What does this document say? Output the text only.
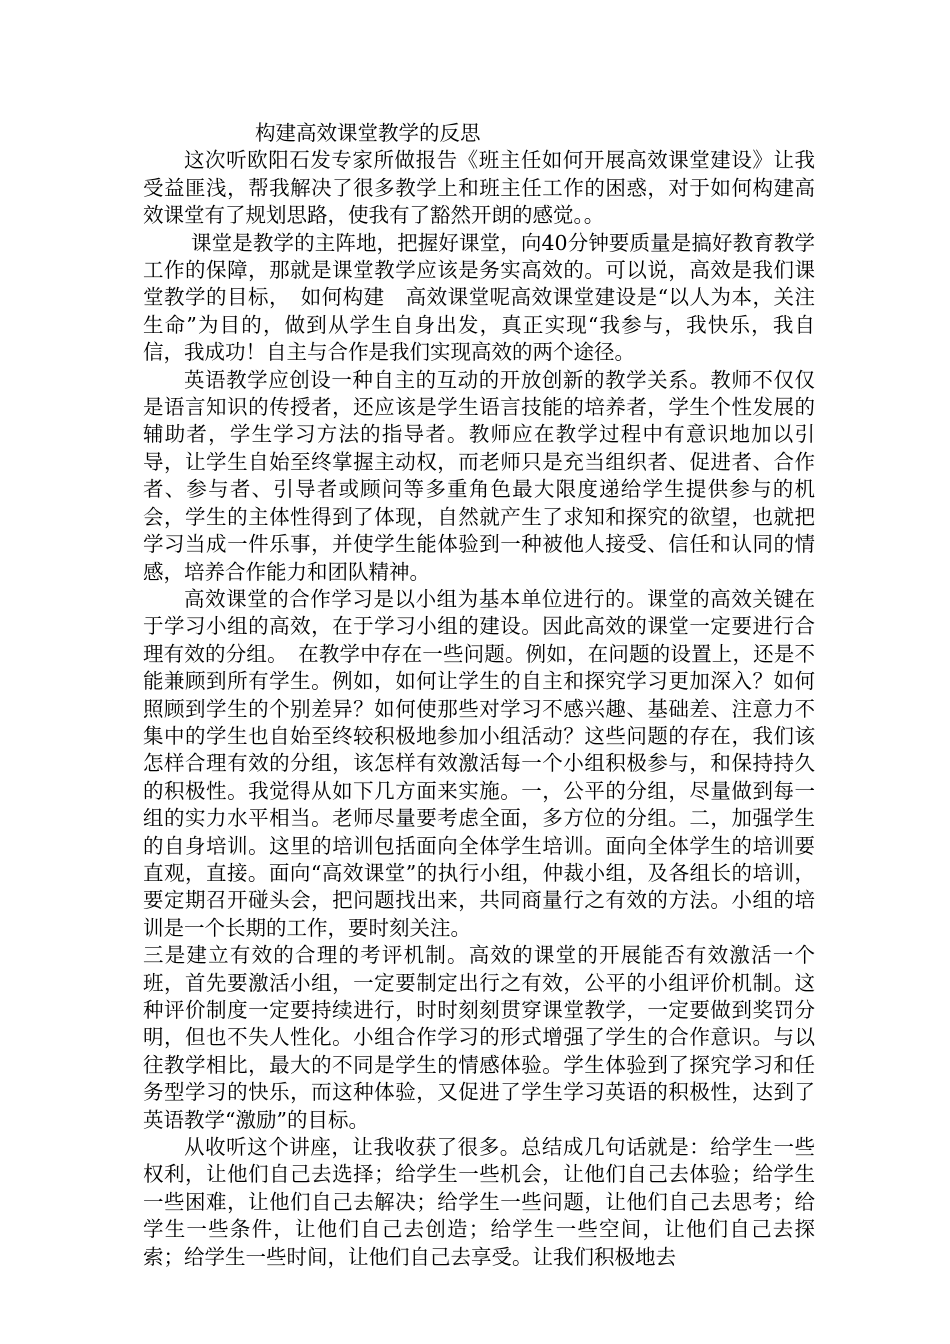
构建高效课堂教学的反思

这次听欧阳石发专家所做报告《班主任如何开展高效课堂建设》让我受益匪浅，帮我解决了很多教学上和班主任工作的困惑，对于如何构建高效课堂有了规划思路，使我有了豁然开朗的感觉。。

课堂是教学的主阵地，把握好课堂，向40分钟要质量是搞好教育教学工作的保障，那就是课堂教学应该是务实高效的。可以说，高效是我们课堂教学的目标，　如何构建　高效课堂呢高效课堂建设是“以人为本，关注生命”为目的，做到从学生自身出发，真正实现“我参与，我快乐，我自信，我成功！自主与合作是我们实现高效的两个途径。

英语教学应创设一种自主的互动的开放创新的教学关系。教师不仅仅是语言知识的传授者，还应该是学生语言技能的培养者，学生个性发展的辅助者，学生学习方法的指导者。教师应在教学过程中有意识地加以引导，让学生自始至终掌握主动权，而老师只是充当组织者、促进者、合作者、参与者、引导者或顾问等多重角色最大限度递给学生提供参与的机会，学生的主体性得到了体现，自然就产生了求知和探究的欲望，也就把学习当成一件乐事，并使学生能体验到一种被他人接受、信任和认同的情感，培养合作能力和团队精神。

高效课堂的合作学习是以小组为基本单位进行的。课堂的高效关键在于学习小组的高效，在于学习小组的建设。因此高效的课堂一定要进行合理有效的分组。　在教学中存在一些问题。例如，在问题的设置上，还是不能兼顾到所有学生。例如，如何让学生的自主和探究学习更加深入？如何照顾到学生的个别差异？如何使那些对学习不感兴趣、基础差、注意力不集中的学生也自始至终较积极地参加小组活动？这些问题的存在，我们该怎样合理有效的分组，该怎样有效激活每一个小组积极参与，和保持持久的积极性。我觉得从如下几方面来实施。一，公平的分组，尽量做到每一组的实力水平相当。老师尽量要考虑全面，多方位的分组。二，加强学生的自身培训。这里的培训包括面向全体学生培训。面向全体学生的培训要直观，直接。面向“高效课堂”的执行小组，仲裁小组，及各组长的培训，要定期召开碰头会，把问题找出来，共同商量行之有效的方法。小组的培训是一个长期的工作，要时刻关注。

三是建立有效的合理的考评机制。高效的课堂的开展能否有效激活一个班，首先要激活小组，一定要制定出行之有效，公平的小组评价机制。这种评价制度一定要持续进行，时时刻刻贯穿课堂教学，一定要做到奖罚分明，但也不失人性化。小组合作学习的形式增强了学生的合作意识。与以往教学相比，最大的不同是学生的情感体验。学生体验到了探究学习和任务型学习的快乐，而这种体验，又促进了学生学习英语的积极性，达到了英语教学“激励”的目标。

从收听这个讲座，让我收获了很多。总结成几句话就是：给学生一些权利，让他们自己去选择；给学生一些机会，让他们自己去体验；给学生一些困难，让他们自己去解决；给学生一些问题，让他们自己去思考；给学生一些条件，让他们自己去创造；给学生一些空间，让他们自己去探索；给学生一些时间，让他们自己去享受。让我们积极地去
